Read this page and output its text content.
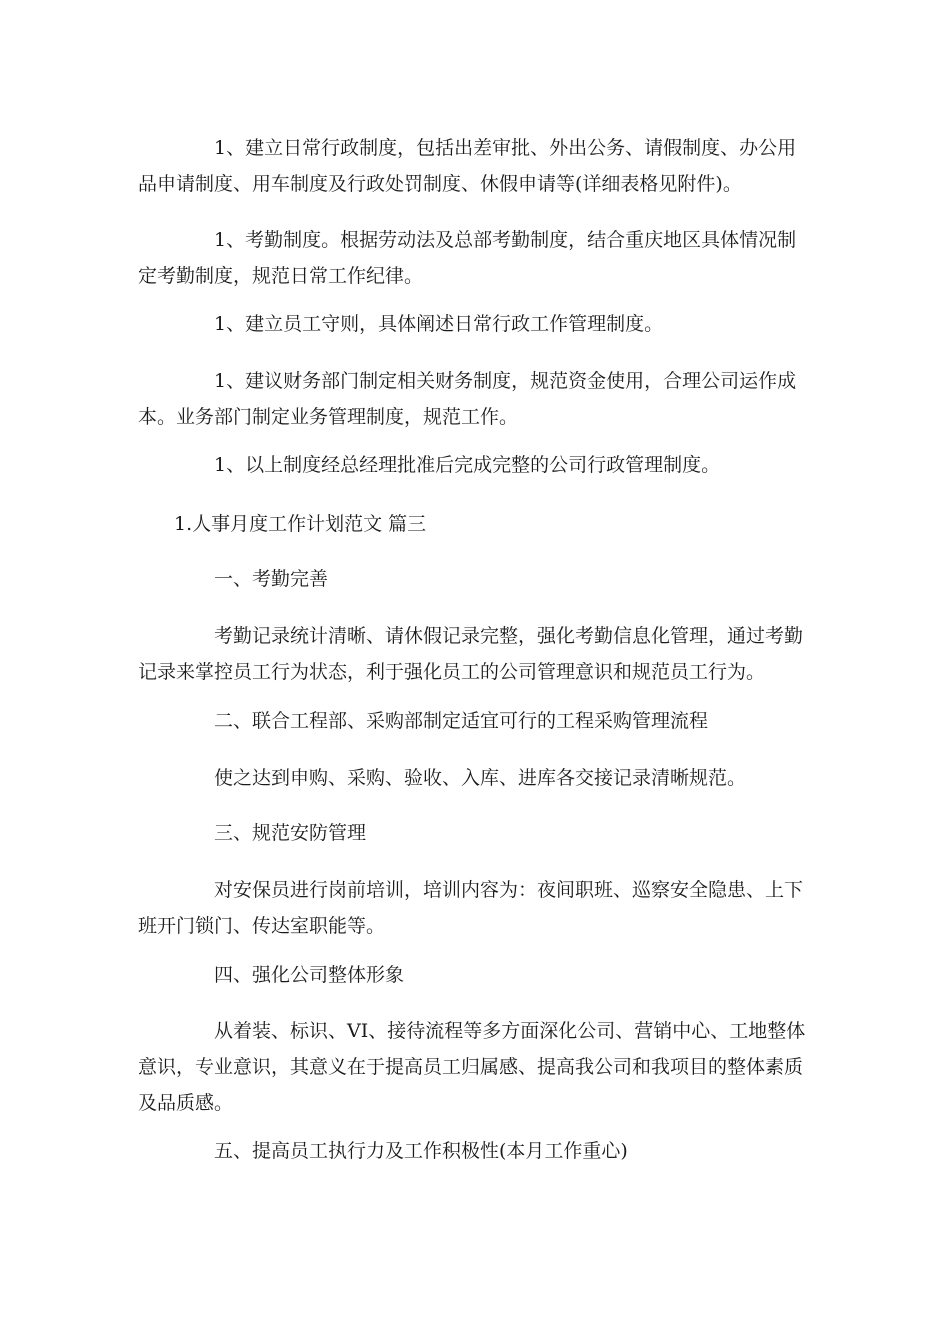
1、建立日常行政制度，包括出差审批、外出公务、请假制度、办公用品申请制度、用车制度及行政处罚制度、休假申请等(详细表格见附件)。

1、考勤制度。根据劳动法及总部考勤制度，结合重庆地区具体情况制定考勤制度，规范日常工作纪律。

1、建立员工守则，具体阐述日常行政工作管理制度。

1、建议财务部门制定相关财务制度，规范资金使用，合理公司运作成本。业务部门制定业务管理制度，规范工作。

1、以上制度经总经理批准后完成完整的公司行政管理制度。

1.人事月度工作计划范文 篇三

一、考勤完善

考勤记录统计清晰、请休假记录完整，强化考勤信息化管理，通过考勤记录来掌控员工行为状态，利于强化员工的公司管理意识和规范员工行为。

二、联合工程部、采购部制定适宜可行的工程采购管理流程

使之达到申购、采购、验收、入库、进库各交接记录清晰规范。

三、规范安防管理

对安保员进行岗前培训，培训内容为：夜间职班、巡察安全隐患、上下班开门锁门、传达室职能等。

四、强化公司整体形象

从着装、标识、VI、接待流程等多方面深化公司、营销中心、工地整体意识，专业意识，其意义在于提高员工归属感、提高我公司和我项目的整体素质及品质感。

五、提高员工执行力及工作积极性(本月工作重心)
